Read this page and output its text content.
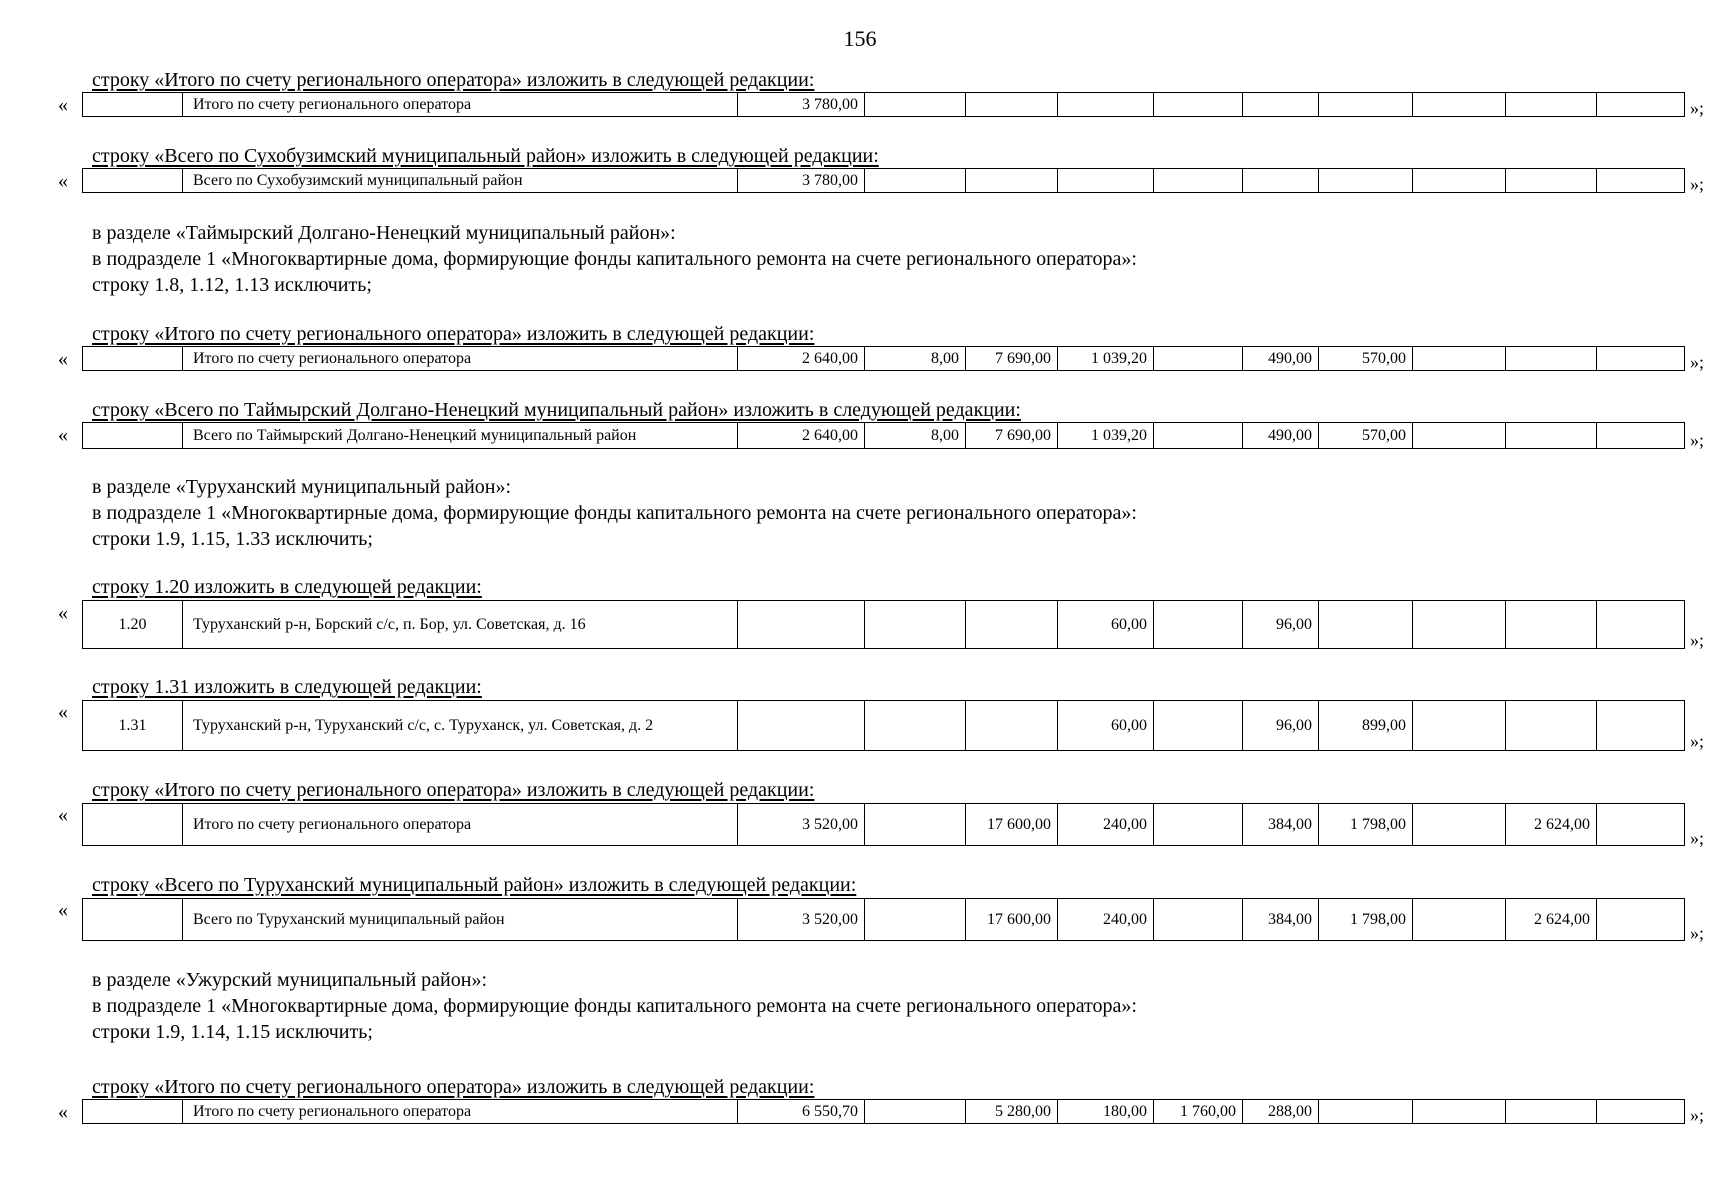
156
строку «Итого по счету регионального оператора» изложить в следующей редакции:
«
		Итого по счету регионального оператора	3 780,00										»;
строку «Всего по Сухобузимский муниципальный район» изложить в следующей редакции:
«
		Всего по Сухобузимский муниципальный район	3 780,00										»;
в разделе «Таймырский Долгано-Ненецкий муниципальный район»:
в подразделе 1 «Многоквартирные дома, формирующие фонды капитального ремонта на счете регионального оператора»:
строку 1.8, 1.12, 1.13 исключить;
строку «Итого по счету регионального оператора» изложить в следующей редакции:
«
		Итого по счету регионального оператора	2 640,00	8,00	7 690,00	1 039,20		490,00	570,00				»;
строку «Всего по Таймырский Долгано-Ненецкий муниципальный район» изложить в следующей редакции:
«
		Всего по Таймырский Долгано-Ненецкий муниципальный район	2 640,00	8,00	7 690,00	1 039,20		490,00	570,00				»;
в разделе «Туруханский муниципальный район»:
в подразделе 1 «Многоквартирные дома, формирующие фонды капитального ремонта на счете регионального оператора»:
строки 1.9, 1.15, 1.33 исключить;
строку 1.20 изложить в следующей редакции:
«	1.20	Туруханский р-н, Борский с/с, п. Бор, ул. Советская, д. 16				60,00		96,00				
»;
строку 1.31 изложить в следующей редакции:
«
1.31	Туруханский р-н, Туруханский с/с, с. Туруханск, ул. Советская, д. 2				60,00		96,00	899,00			
»;
строку «Итого по счету регионального оператора» изложить в следующей редакции:
«
		Итого по счету регионального оператора	3 520,00		17 600,00	240,00		384,00	1 798,00		2 624,00	
»;
строку «Всего по Туруханский муниципальный район» изложить в следующей редакции:
«
		Всего по Туруханский муниципальный район	3 520,00		17 600,00	240,00		384,00	1 798,00		2 624,00	
»;
в разделе «Ужурский муниципальный район»:
в подразделе 1 «Многоквартирные дома, формирующие фонды капитального ремонта на счете регионального оператора»:
строки 1.9, 1.14, 1.15 исключить;
строку «Итого по счету регионального оператора» изложить в следующей редакции:
«
		Итого по счету регионального оператора	6 550,70		5 280,00	180,00	1 760,00	288,00					»;
